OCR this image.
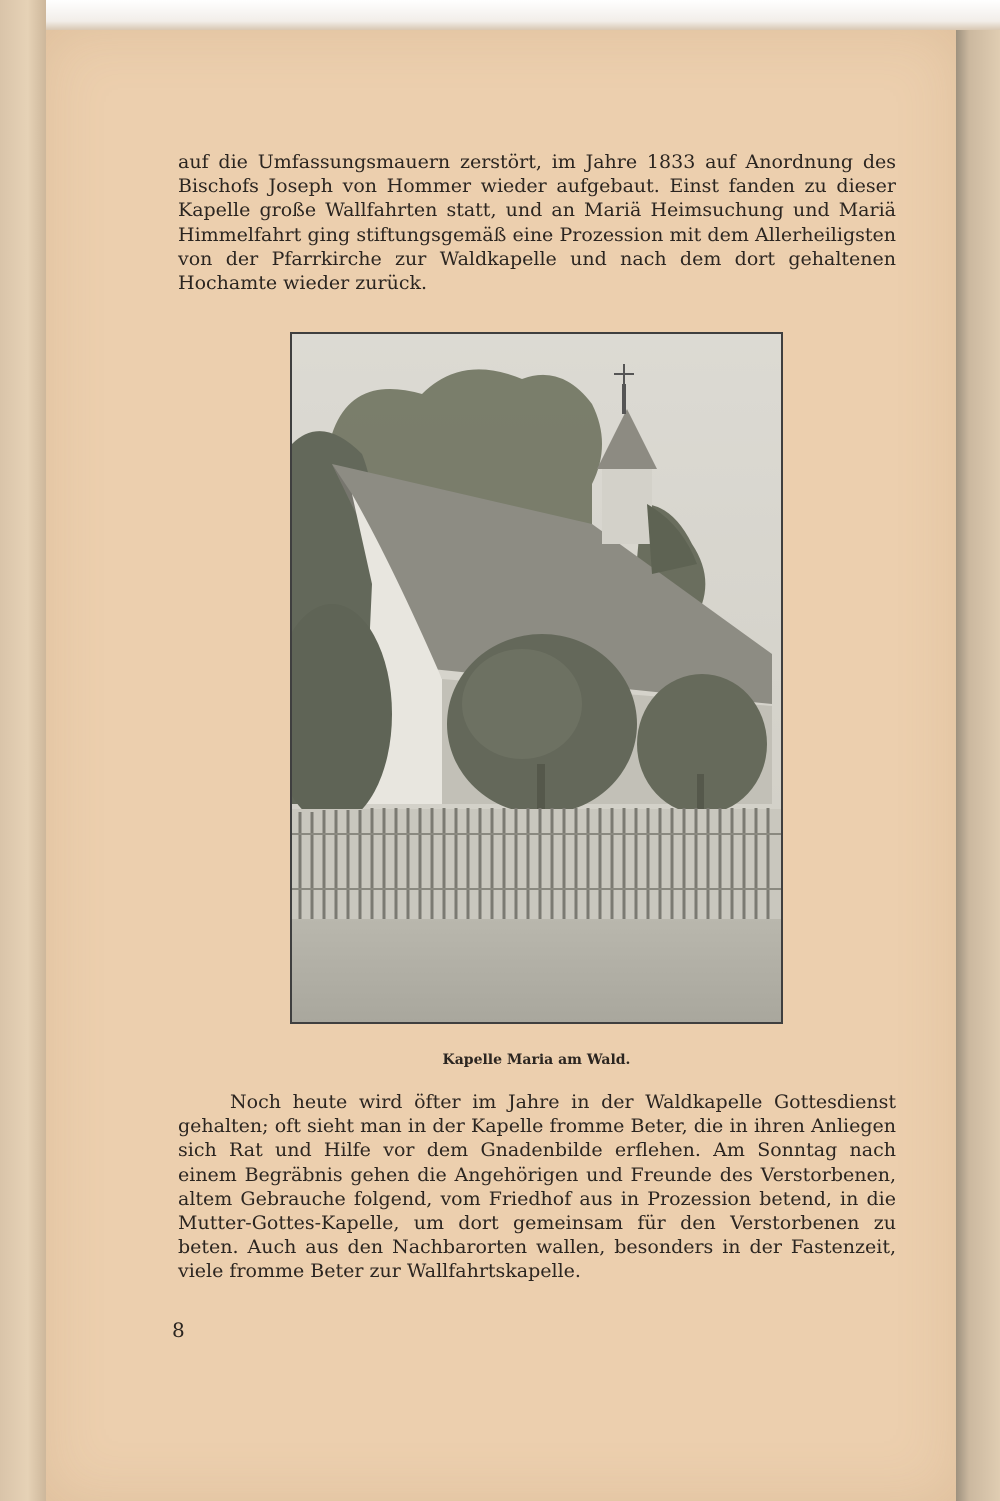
auf die Umfassungsmauern zerstört, im Jahre 1833 auf Anordnung des Bischofs Joseph von Hommer wieder aufgebaut. Einst fanden zu dieser Kapelle große Wallfahrten statt, und an Mariä Heimsuchung und Mariä Himmelfahrt ging stiftungsgemäß eine Prozession mit dem Allerheiligsten von der Pfarrkirche zur Waldkapelle und nach dem dort gehaltenen Hochamte wieder zurück.

Kapelle Maria am Wald.

Noch heute wird öfter im Jahre in der Waldkapelle Gottesdienst gehalten; oft sieht man in der Kapelle fromme Beter, die in ihren Anliegen sich Rat und Hilfe vor dem Gnadenbilde erflehen. Am Sonntag nach einem Begräbnis gehen die Angehörigen und Freunde des Verstorbenen, altem Gebrauche folgend, vom Friedhof aus in Prozession betend, in die Mutter-Gottes-Kapelle, um dort gemeinsam für den Verstorbenen zu beten. Auch aus den Nachbarorten wallen, besonders in der Fastenzeit, viele fromme Beter zur Wallfahrtskapelle.

8
